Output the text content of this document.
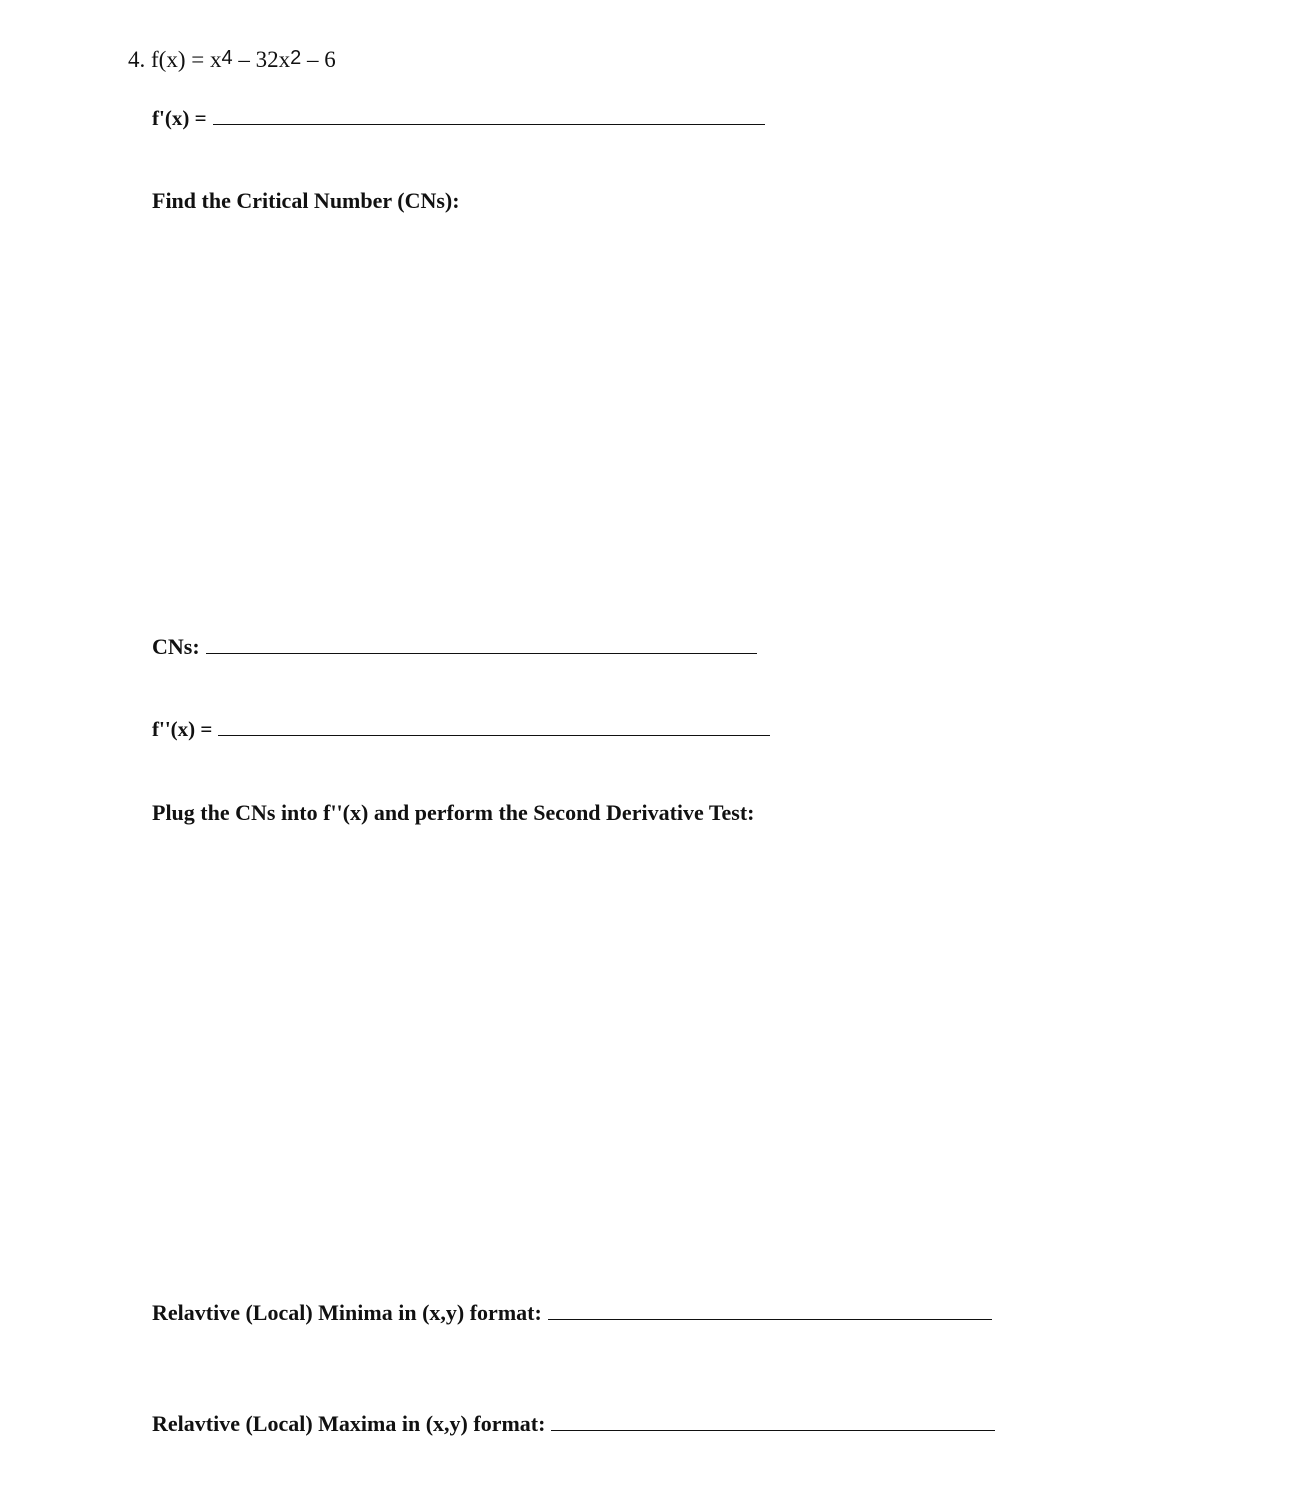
4. $f(x) = x^4 - 32x^2 - 6$
f'(x) =
Find the Critical Number (CNs):
CNs:
f''(x) =
Plug the CNs into f''(x) and perform the Second Derivative Test:
Relavtive (Local) Minima in (x,y) format:
Relavtive (Local) Maxima in (x,y) format:
